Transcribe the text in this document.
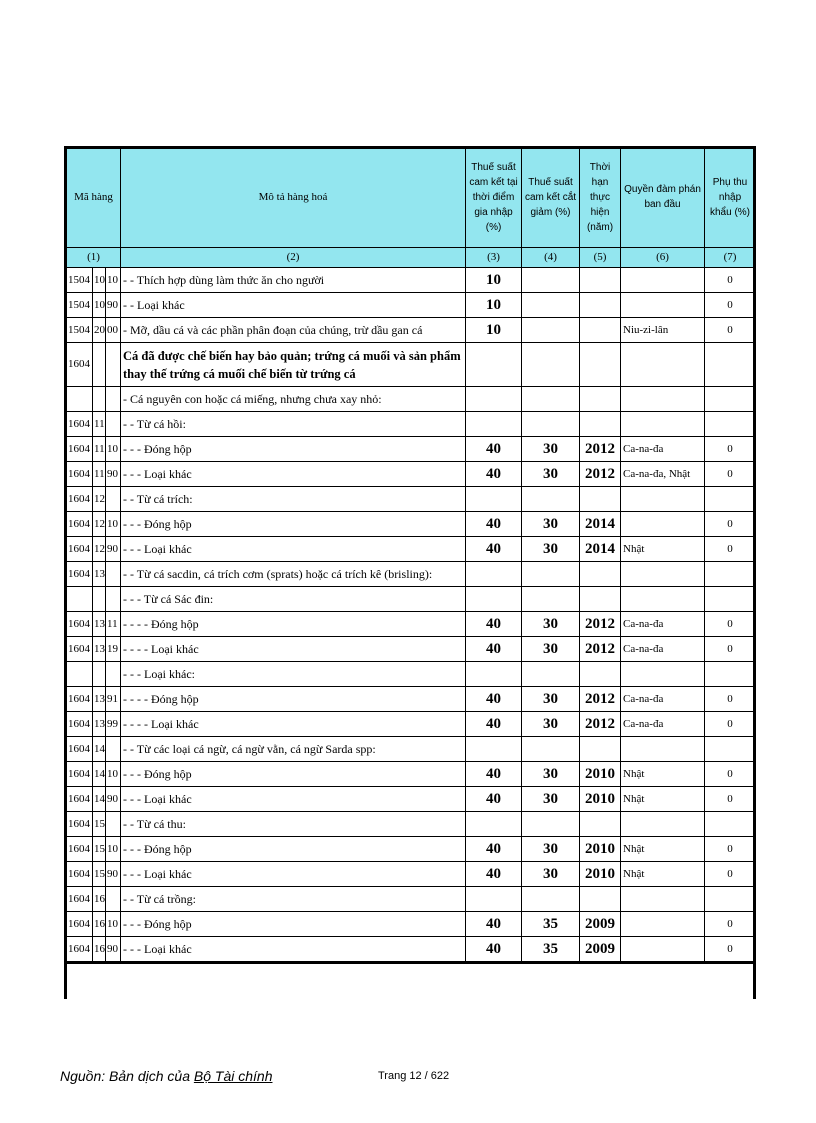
Mã hàng			Mô tả hàng hoá	Thuế suất cam kết tại thời điểm gia nhập (%)	Thuế suất cam kết cắt giảm (%)	Thời hạn thực hiện (năm)	Quyền đàm phán ban đầu	Phụ thu nhập khẩu (%)
(1)			(2)	(3)	(4)	(5)	(6)	(7)
1504	10	10	- - Thích hợp dùng làm thức ăn cho người	10				0
1504	10	90	- - Loại khác	10				0
1504	20	00	- Mỡ, dầu cá và các phần phân đoạn của chúng, trừ dầu gan cá	10			Niu-zi-lân	0
1604			Cá đã được chế biến hay bảo quản; trứng cá muối và sản phẩm thay thế trứng cá muối chế biến từ trứng cá					
			- Cá nguyên con hoặc cá miếng, nhưng chưa xay nhỏ:					
1604	11		- - Từ cá hồi:					
1604	11	10	- - - Đóng hộp	40	30	2012	Ca-na-đa	0
1604	11	90	- - - Loại khác	40	30	2012	Ca-na-đa, Nhật	0
1604	12		- - Từ cá trích:					
1604	12	10	- - - Đóng hộp	40	30	2014		0
1604	12	90	- - - Loại khác	40	30	2014	Nhật	0
1604	13		- - Từ cá sacdin, cá trích cơm (sprats) hoặc cá trích kê (brisling):					
			- - - Từ cá Sác đin:					
1604	13	11	- - - - Đóng hộp	40	30	2012	Ca-na-đa	0
1604	13	19	- - - - Loại khác	40	30	2012	Ca-na-đa	0
			- - - Loại khác:					
1604	13	91	- - - - Đóng hộp	40	30	2012	Ca-na-đa	0
1604	13	99	- - - - Loại khác	40	30	2012	Ca-na-đa	0
1604	14		- - Từ các loại cá ngừ, cá ngừ vằn, cá ngừ Sarda spp:					
1604	14	10	- - - Đóng hộp	40	30	2010	Nhật	0
1604	14	90	- - - Loại khác	40	30	2010	Nhật	0
1604	15		- - Từ cá thu:					
1604	15	10	- - - Đóng hộp	40	30	2010	Nhật	0
1604	15	90	- - - Loại khác	40	30	2010	Nhật	0
1604	16		- - Từ cá trồng:					
1604	16	10	- - - Đóng hộp	40	35	2009		0
1604	16	90	- - - Loại khác	40	35	2009		0
Nguồn: Bản dịch của Bộ Tài chính	Trang 12 / 622
